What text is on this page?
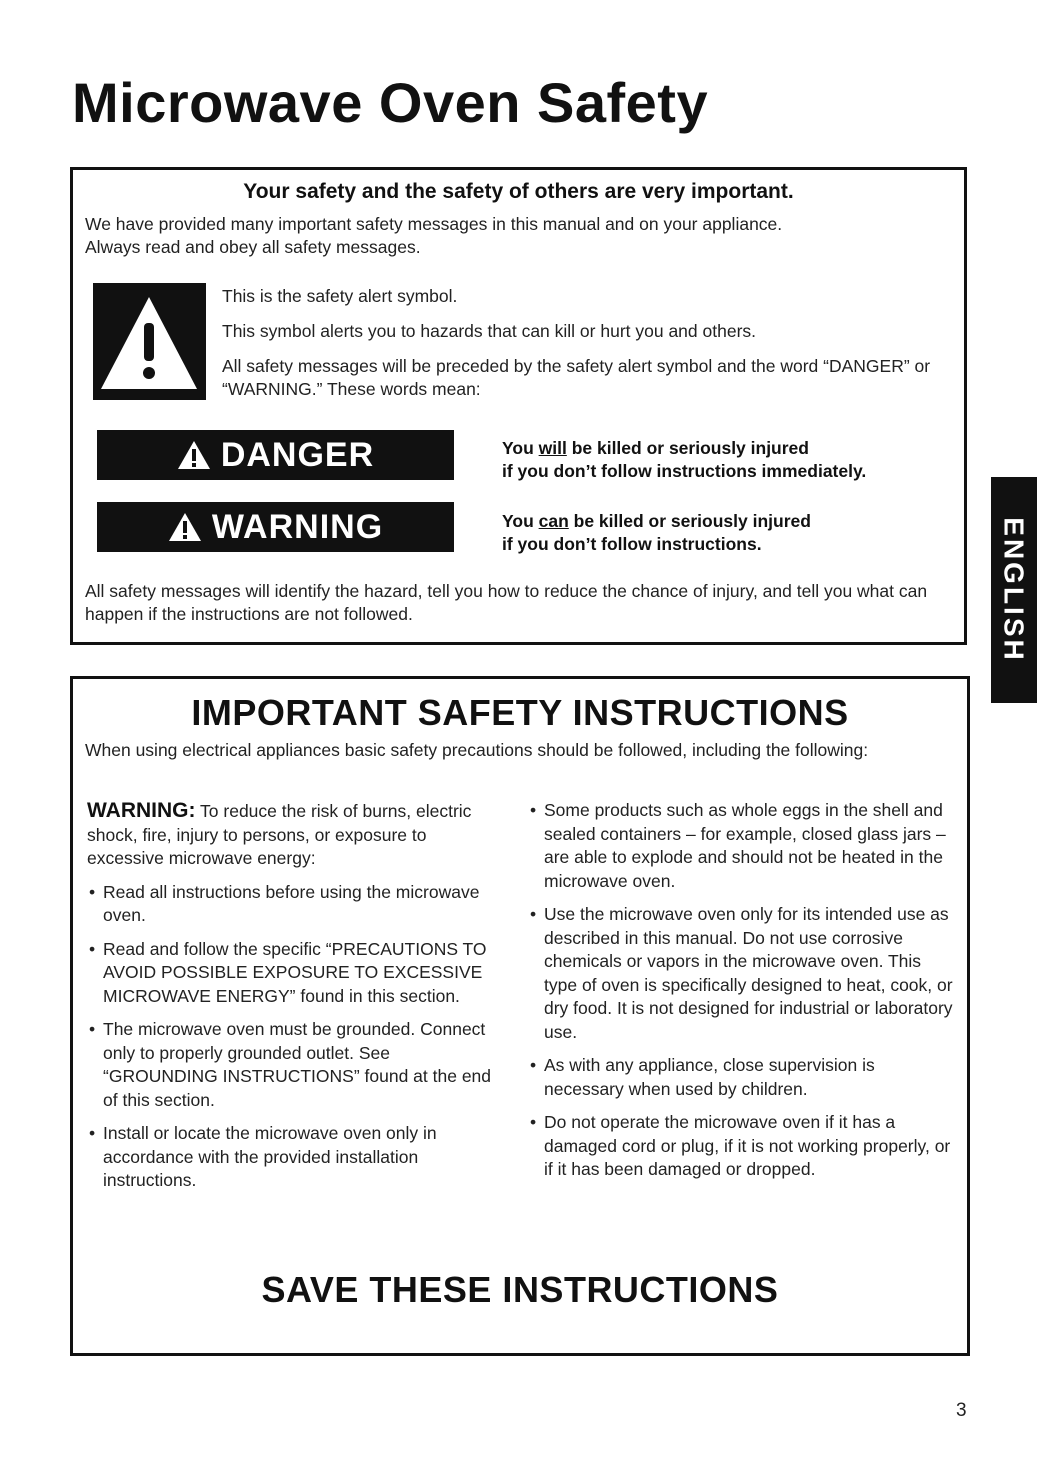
Microwave Oven Safety
Your safety and the safety of others are very important.

We have provided many important safety messages in this manual and on your appliance.
Always read and obey all safety messages.

This is the safety alert symbol.

This symbol alerts you to hazards that can kill or hurt you and others.

All safety messages will be preceded by the safety alert symbol and the word “DANGER” or “WARNING.” These words mean:

DANGER	You will be killed or seriously injured
if you don’t follow instructions immediately.
WARNING	You can be killed or seriously injured
if you don’t follow instructions.

All safety messages will identify the hazard, tell you how to reduce the chance of injury, and tell you what can happen if the instructions are not followed.	ENGLISH
IMPORTANT SAFETY INSTRUCTIONS

When using electrical appliances basic safety precautions should be followed, including the following:

WARNING: To reduce the risk of burns, electric shock, fire, injury to persons, or exposure to excessive microwave energy:

• Read all instructions before using the microwave oven.
• Read and follow the specific “PRECAUTIONS TO AVOID POSSIBLE EXPOSURE TO EXCESSIVE MICROWAVE ENERGY” found in this section.
• The microwave oven must be grounded. Connect only to properly grounded outlet. See “GROUNDING INSTRUCTIONS” found at the end of this section.
• Install or locate the microwave oven only in accordance with the provided installation instructions.
• Some products such as whole eggs in the shell and sealed containers – for example, closed glass jars – are able to explode and should not be heated in the microwave oven.
• Use the microwave oven only for its intended use as described in this manual. Do not use corrosive chemicals or vapors in the microwave oven. This type of oven is specifically designed to heat, cook, or dry food. It is not designed for industrial or laboratory use.
• As with any appliance, close supervision is necessary when used by children.
• Do not operate the microwave oven if it has a damaged cord or plug, if it is not working properly, or if it has been damaged or dropped.
SAVE THESE INSTRUCTIONS
3
